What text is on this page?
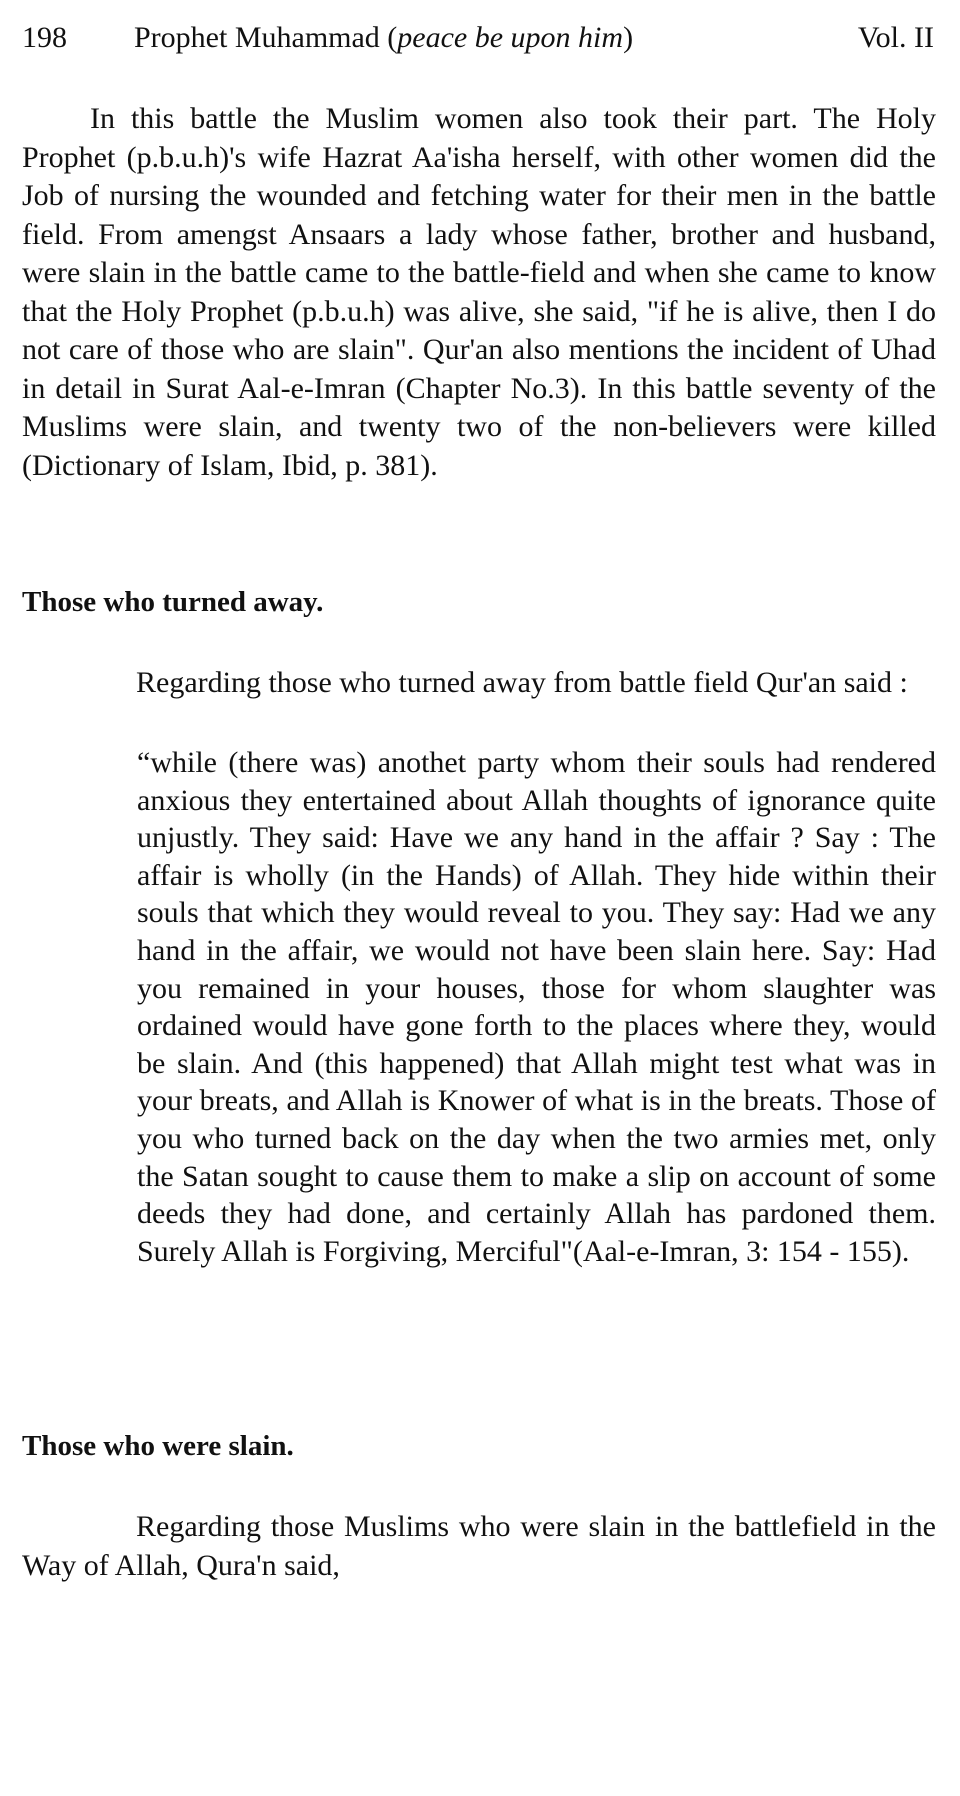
198 Prophet Muhammad (peace be upon him)	Vol. II

In this battle the Muslim women also took their part. The Holy Prophet (p.b.u.h)'s wife Hazrat Aa'isha herself, with other women did the Job of nursing the wounded and fetching water for their men in the battle field. From amengst Ansaars a lady whose father, brother and husband, were slain in the battle came to the battle-field and when she came to know that the Holy Prophet (p.b.u.h) was alive, she said, "if he is alive, then I do not care of those who are slain". Qur'an also mentions the incident of Uhad in detail in Surat Aal-e-Imran (Chapter No.3). In this battle seventy of the Muslims were slain, and twenty two of the non-believers were killed (Dictionary of Islam, Ibid, p. 381).

Those who turned away.

Regarding those who turned away from battle field Qur'an said :

“while (there was) anothet party whom their souls had rendered anxious they entertained about Allah thoughts of ignorance quite unjustly. They said: Have we any hand in the affair ? Say : The affair is wholly (in the Hands) of Allah. They hide within their souls that which they would reveal to you. They say: Had we any hand in the affair, we would not have been slain here. Say: Had you remained in your houses, those for whom slaughter was ordained would have gone forth to the places where they, would be slain. And (this happened) that Allah might test what was in your breats, and Allah is Knower of what is in the breats. Those of you who turned back on the day when the two armies met, only the Satan sought to cause them to make a slip on account of some deeds they had done, and certainly Allah has pardoned them. Surely Allah is Forgiving, Merciful"(Aal-e-Imran, 3: 154 - 155).

Those who were slain.

Regarding those Muslims who were slain in the battlefield in the Way of Allah, Qura'n said,
